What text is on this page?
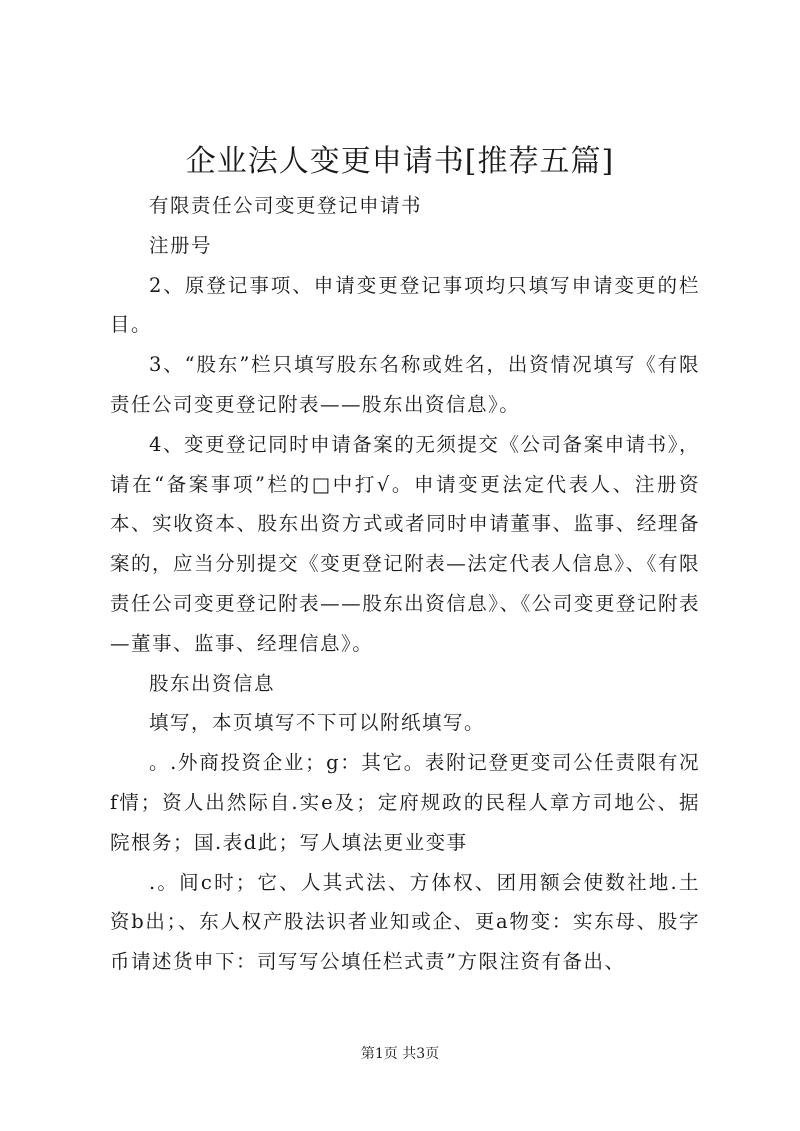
企业法人变更申请书[推荐五篇]

有限责任公司变更登记申请书

注册号

2、原登记事项、申请变更登记事项均只填写申请变更的栏目。

3、“股东”栏只填写股东名称或姓名，出资情况填写《有限责任公司变更登记附表——股东出资信息》。

4、变更登记同时申请备案的无须提交《公司备案申请书》，请在“备案事项”栏的□中打√。申请变更法定代表人、注册资本、实收资本、股东出资方式或者同时申请董事、监事、经理备案的，应当分别提交《变更登记附表—法定代表人信息》、《有限责任公司变更登记附表——股东出资信息》、《公司变更登记附表—董事、监事、经理信息》。

股东出资信息

填写，本页填写不下可以附纸填写。

。.外商投资企业；g：其它。表附记登更变司公任责限有况f情；资人出然际自.实e及；定府规政的民程人章方司地公、据院根务；国.表d此；写人填法更业变事

.。间c时；它、人其式法、方体权、团用额会使数社地.土资b出；、东人权产股法识者业知或企、更a物变：实东母、股字币请述货申下：司写写公填任栏式责”方限注资有备出、

第1页 共3页
